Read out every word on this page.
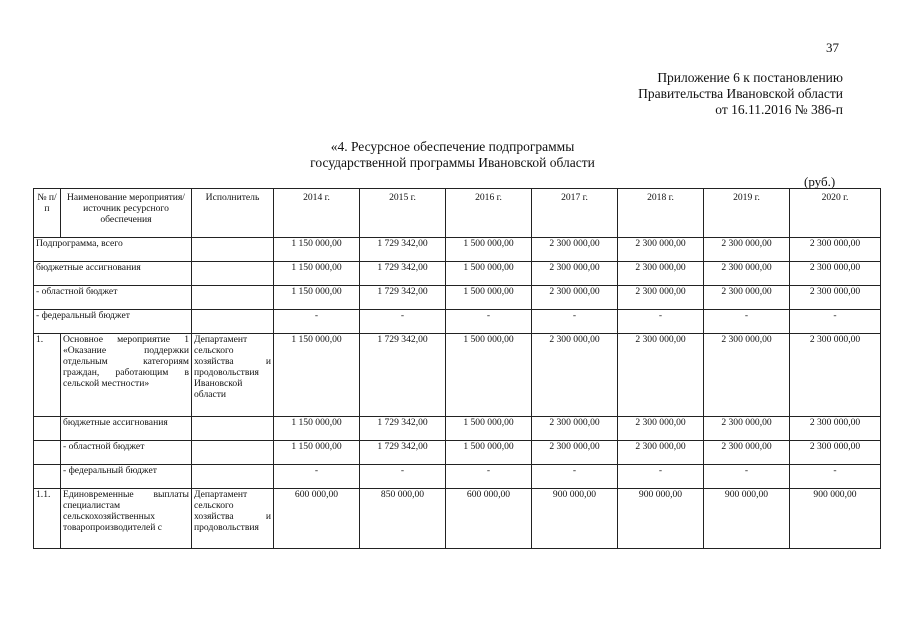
37
Приложение 6 к постановлению
Правительства Ивановской области
от 16.11.2016 № 386-п
«4. Ресурсное обеспечение подпрограммы
государственной программы Ивановской области
(руб.)
№ п/п	Наименование мероприятия/источник ресурсного обеспечения	Исполнитель	2014 г.	2015 г.	2016 г.	2017 г.	2018 г.	2019 г.	2020 г.
Подпрограмма, всего			1 150 000,00	1 729 342,00	1 500 000,00	2 300 000,00	2 300 000,00	2 300 000,00	2 300 000,00
бюджетные ассигнования			1 150 000,00	1 729 342,00	1 500 000,00	2 300 000,00	2 300 000,00	2 300 000,00	2 300 000,00
- областной бюджет			1 150 000,00	1 729 342,00	1 500 000,00	2 300 000,00	2 300 000,00	2 300 000,00	2 300 000,00
- федеральный бюджет			-	-	-	-	-	-	-
1.	Основное мероприятие 1 «Оказание поддержки отдельным категориям граждан, работающим в сельской местности»	Департамент сельского хозяйства и продовольствия Ивановской области	1 150 000,00	1 729 342,00	1 500 000,00	2 300 000,00	2 300 000,00	2 300 000,00	2 300 000,00
	бюджетные ассигнования		1 150 000,00	1 729 342,00	1 500 000,00	2 300 000,00	2 300 000,00	2 300 000,00	2 300 000,00
	- областной бюджет		1 150 000,00	1 729 342,00	1 500 000,00	2 300 000,00	2 300 000,00	2 300 000,00	2 300 000,00
	- федеральный бюджет		-	-	-	-	-	-	-
1.1.	Единовременные выплаты специалистам сельскохозяйственных товаропроизводителей с	Департамент сельского хозяйства и продовольствия	600 000,00	850 000,00	600 000,00	900 000,00	900 000,00	900 000,00	900 000,00
